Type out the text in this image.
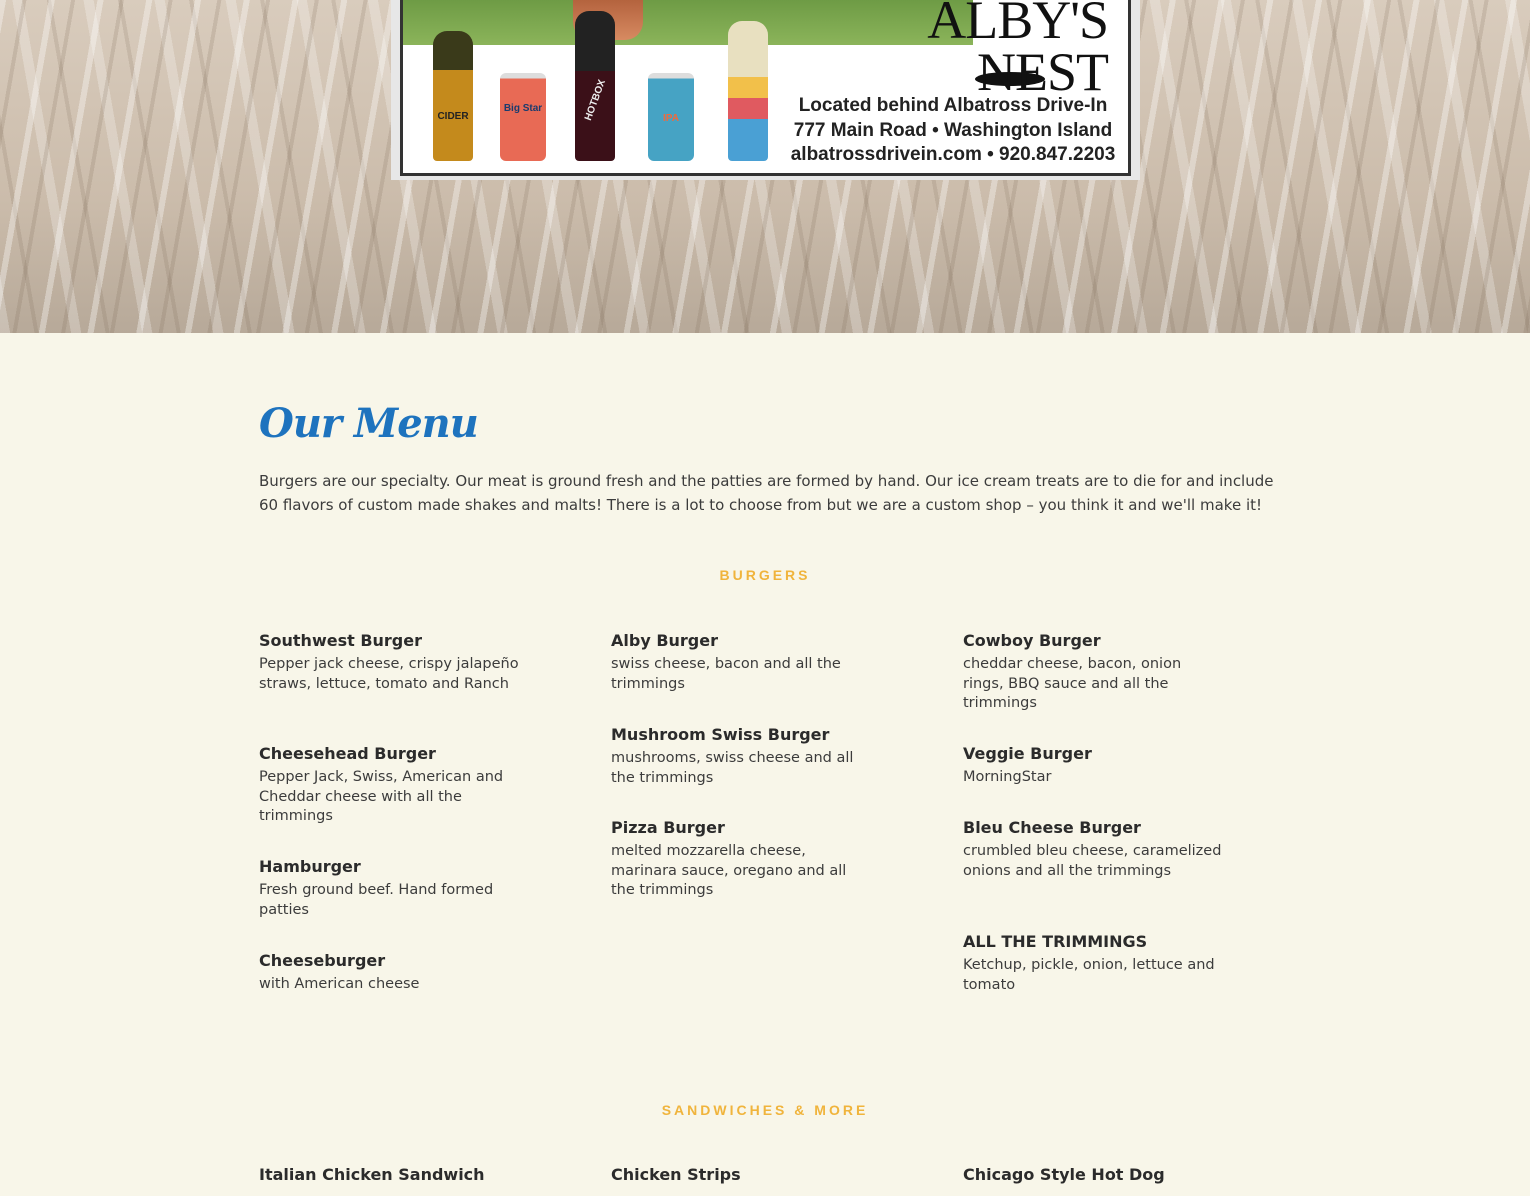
CIDER
Big Star	HOTBOX	IPA
ALBY'S
NEST
Located behind Albatross Drive-In
777 Main Road • Washington Island
albatrossdrivein.com • 920.847.2203
Our Menu
Burgers are our specialty. Our meat is ground fresh and the patties are formed by hand. Our ice cream treats are to die for and include 60 flavors of custom made shakes and malts! There is a lot to choose from but we are a custom shop – you think it and we'll make it!
BURGERS
Southwest Burger
Pepper jack cheese, crispy jalapeño straws, lettuce, tomato and Ranch
Cheesehead Burger
Pepper Jack, Swiss, American and Cheddar cheese with all the trimmings
Hamburger
Fresh ground beef. Hand formed patties
Cheeseburger
with American cheese
Alby Burger
swiss cheese, bacon and all the trimmings
Mushroom Swiss Burger
mushrooms, swiss cheese and all the trimmings
Pizza Burger
melted mozzarella cheese, marinara sauce, oregano and all the trimmings
Cowboy Burger
cheddar cheese, bacon, onion rings, BBQ sauce and all the trimmings
Veggie Burger
MorningStar
Bleu Cheese Burger
crumbled bleu cheese, caramelized onions and all the trimmings
ALL THE TRIMMINGS
Ketchup, pickle, onion, lettuce and tomato
SANDWICHES & MORE
Italian Chicken Sandwich	Chicken Strips	Chicago Style Hot Dog
